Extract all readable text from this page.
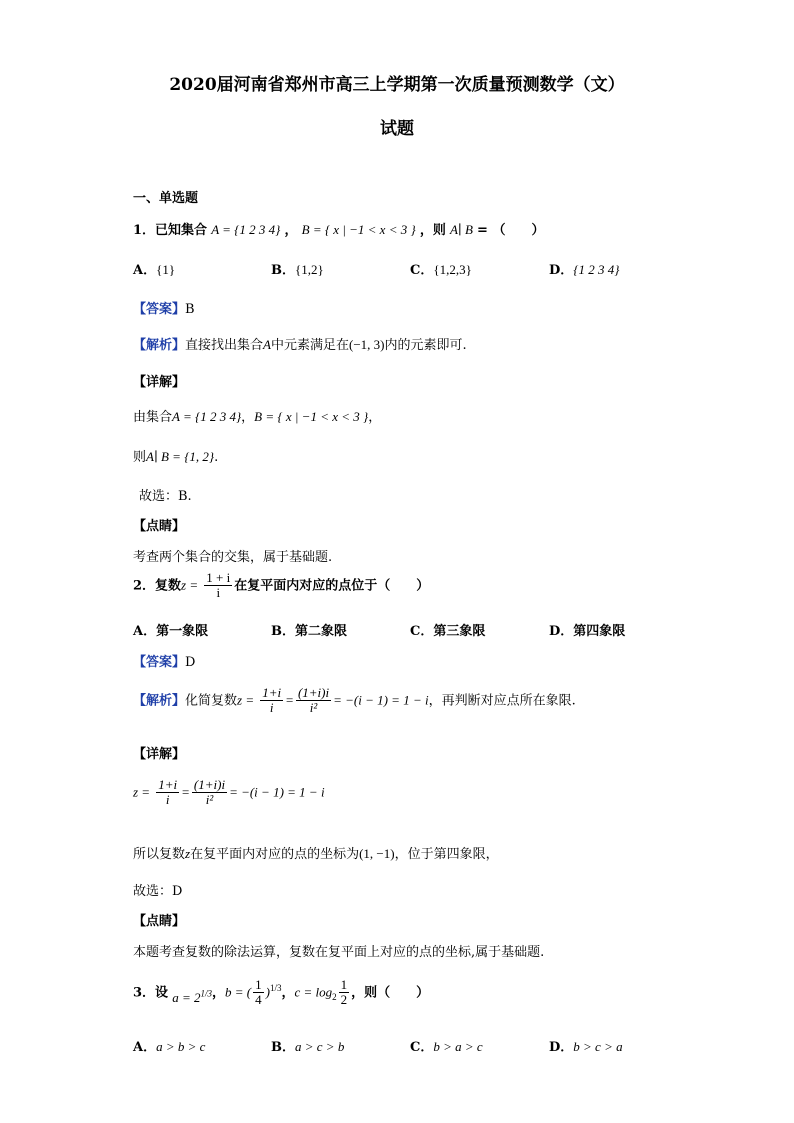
2020届河南省郑州市高三上学期第一次质量预测数学（文）
试题
一、单选题
1．已知集合 A = {1 2 3 4} ， B = { x | −1 < x < 3 } ，则 A∣ B = （　　）
A．{1}	B．{1,2}	C．{1,2,3}	D．{1 2 3 4}
【答案】B
【解析】直接找出集合A中元素满足在(−1, 3)内的元素即可.
【详解】
由集合A = {1 2 3 4}，B = { x | −1 < x < 3 }，
则A∣ B = {1, 2}.
故选：B.
【点睛】
考查两个集合的交集，属于基础题.
2．复数$z = \frac{1 + i}{i}$ 在复平面内对应的点位于（　　）
A．第一象限	B．第二象限	C．第三象限	D．第四象限
【答案】D
【解析】化简复数$z = \frac{1+i}{i} = \frac{(1+i)i}{\text{i²}} = -(i - 1) = 1 - i$，再判断对应点所在象限.
【详解】
$z = \frac{1+i}{i} = \frac{(1+i)i}{\text{i²}} = -(i - 1) = 1 - i$
所以复数z在复平面内对应的点的坐标为(1, −1)，位于第四象限，
故选：D
【点睛】
本题考查复数的除法运算，复数在复平面上对应的点的坐标,属于基础题.
3．设 $a = 2^{1/3}$，b = ( $\frac{1}{4} )^{1/3}$，$c = \log_2 \frac{1}{2}$ ，则（　　）
A．a > b > c	B．a > c > b	C．b > a > c	D．b > c > a
